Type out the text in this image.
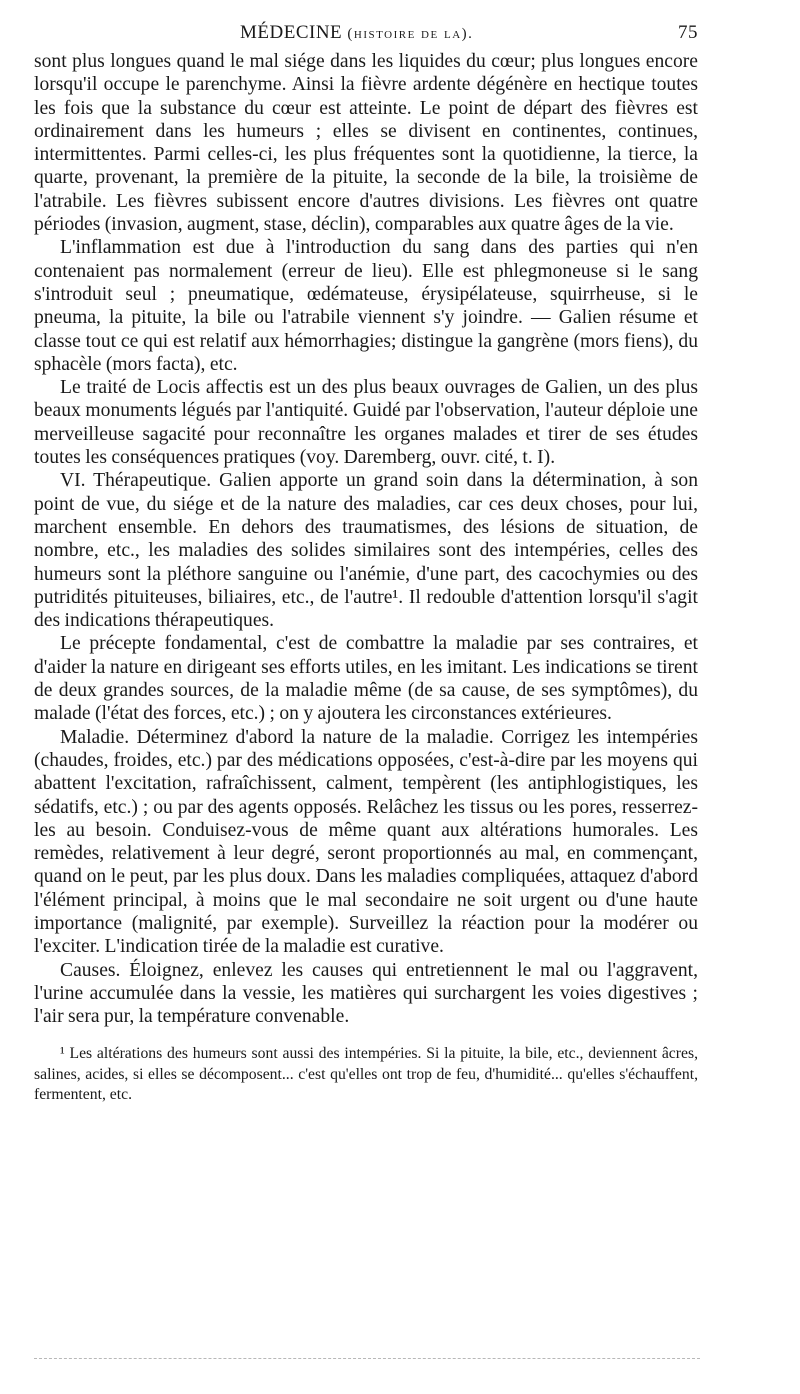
MÉDECINE (histoire de la).	75

sont plus longues quand le mal siége dans les liquides du cœur; plus longues encore lorsqu'il occupe le parenchyme. Ainsi la fièvre ardente dégénère en hectique toutes les fois que la substance du cœur est atteinte. Le point de départ des fièvres est ordinairement dans les humeurs ; elles se divisent en continentes, continues, intermittentes. Parmi celles-ci, les plus fréquentes sont la quotidienne, la tierce, la quarte, provenant, la première de la pituite, la seconde de la bile, la troisième de l'atrabile. Les fièvres subissent encore d'autres divisions. Les fièvres ont quatre périodes (invasion, augment, stase, déclin), comparables aux quatre âges de la vie.

L'inflammation est due à l'introduction du sang dans des parties qui n'en contenaient pas normalement (erreur de lieu). Elle est phlegmoneuse si le sang s'introduit seul ; pneumatique, œdémateuse, érysipélateuse, squirrheuse, si le pneuma, la pituite, la bile ou l'atrabile viennent s'y joindre. — Galien résume et classe tout ce qui est relatif aux hémorrhagies; distingue la gangrène (mors fiens), du sphacèle (mors facta), etc.

Le traité de Locis affectis est un des plus beaux ouvrages de Galien, un des plus beaux monuments légués par l'antiquité. Guidé par l'observation, l'auteur déploie une merveilleuse sagacité pour reconnaître les organes malades et tirer de ses études toutes les conséquences pratiques (voy. Daremberg, ouvr. cité, t. I).

VI. Thérapeutique. Galien apporte un grand soin dans la détermination, à son point de vue, du siége et de la nature des maladies, car ces deux choses, pour lui, marchent ensemble. En dehors des traumatismes, des lésions de situation, de nombre, etc., les maladies des solides similaires sont des intempéries, celles des humeurs sont la pléthore sanguine ou l'anémie, d'une part, des cacochymies ou des putridités pituiteuses, biliaires, etc., de l'autre¹. Il redouble d'attention lorsqu'il s'agit des indications thérapeutiques.

Le précepte fondamental, c'est de combattre la maladie par ses contraires, et d'aider la nature en dirigeant ses efforts utiles, en les imitant. Les indications se tirent de deux grandes sources, de la maladie même (de sa cause, de ses symptômes), du malade (l'état des forces, etc.) ; on y ajoutera les circonstances extérieures.

Maladie. Déterminez d'abord la nature de la maladie. Corrigez les intempéries (chaudes, froides, etc.) par des médications opposées, c'est-à-dire par les moyens qui abattent l'excitation, rafraîchissent, calment, tempèrent (les antiphlogistiques, les sédatifs, etc.) ; ou par des agents opposés. Relâchez les tissus ou les pores, resserrez-les au besoin. Conduisez-vous de même quant aux altérations humorales. Les remèdes, relativement à leur degré, seront proportionnés au mal, en commençant, quand on le peut, par les plus doux. Dans les maladies compliquées, attaquez d'abord l'élément principal, à moins que le mal secondaire ne soit urgent ou d'une haute importance (malignité, par exemple). Surveillez la réaction pour la modérer ou l'exciter. L'indication tirée de la maladie est curative.

Causes. Éloignez, enlevez les causes qui entretiennent le mal ou l'aggravent, l'urine accumulée dans la vessie, les matières qui surchargent les voies digestives ; l'air sera pur, la température convenable.

¹ Les altérations des humeurs sont aussi des intempéries. Si la pituite, la bile, etc., deviennent âcres, salines, acides, si elles se décomposent... c'est qu'elles ont trop de feu, d'humidité... qu'elles s'échauffent, fermentent, etc.
